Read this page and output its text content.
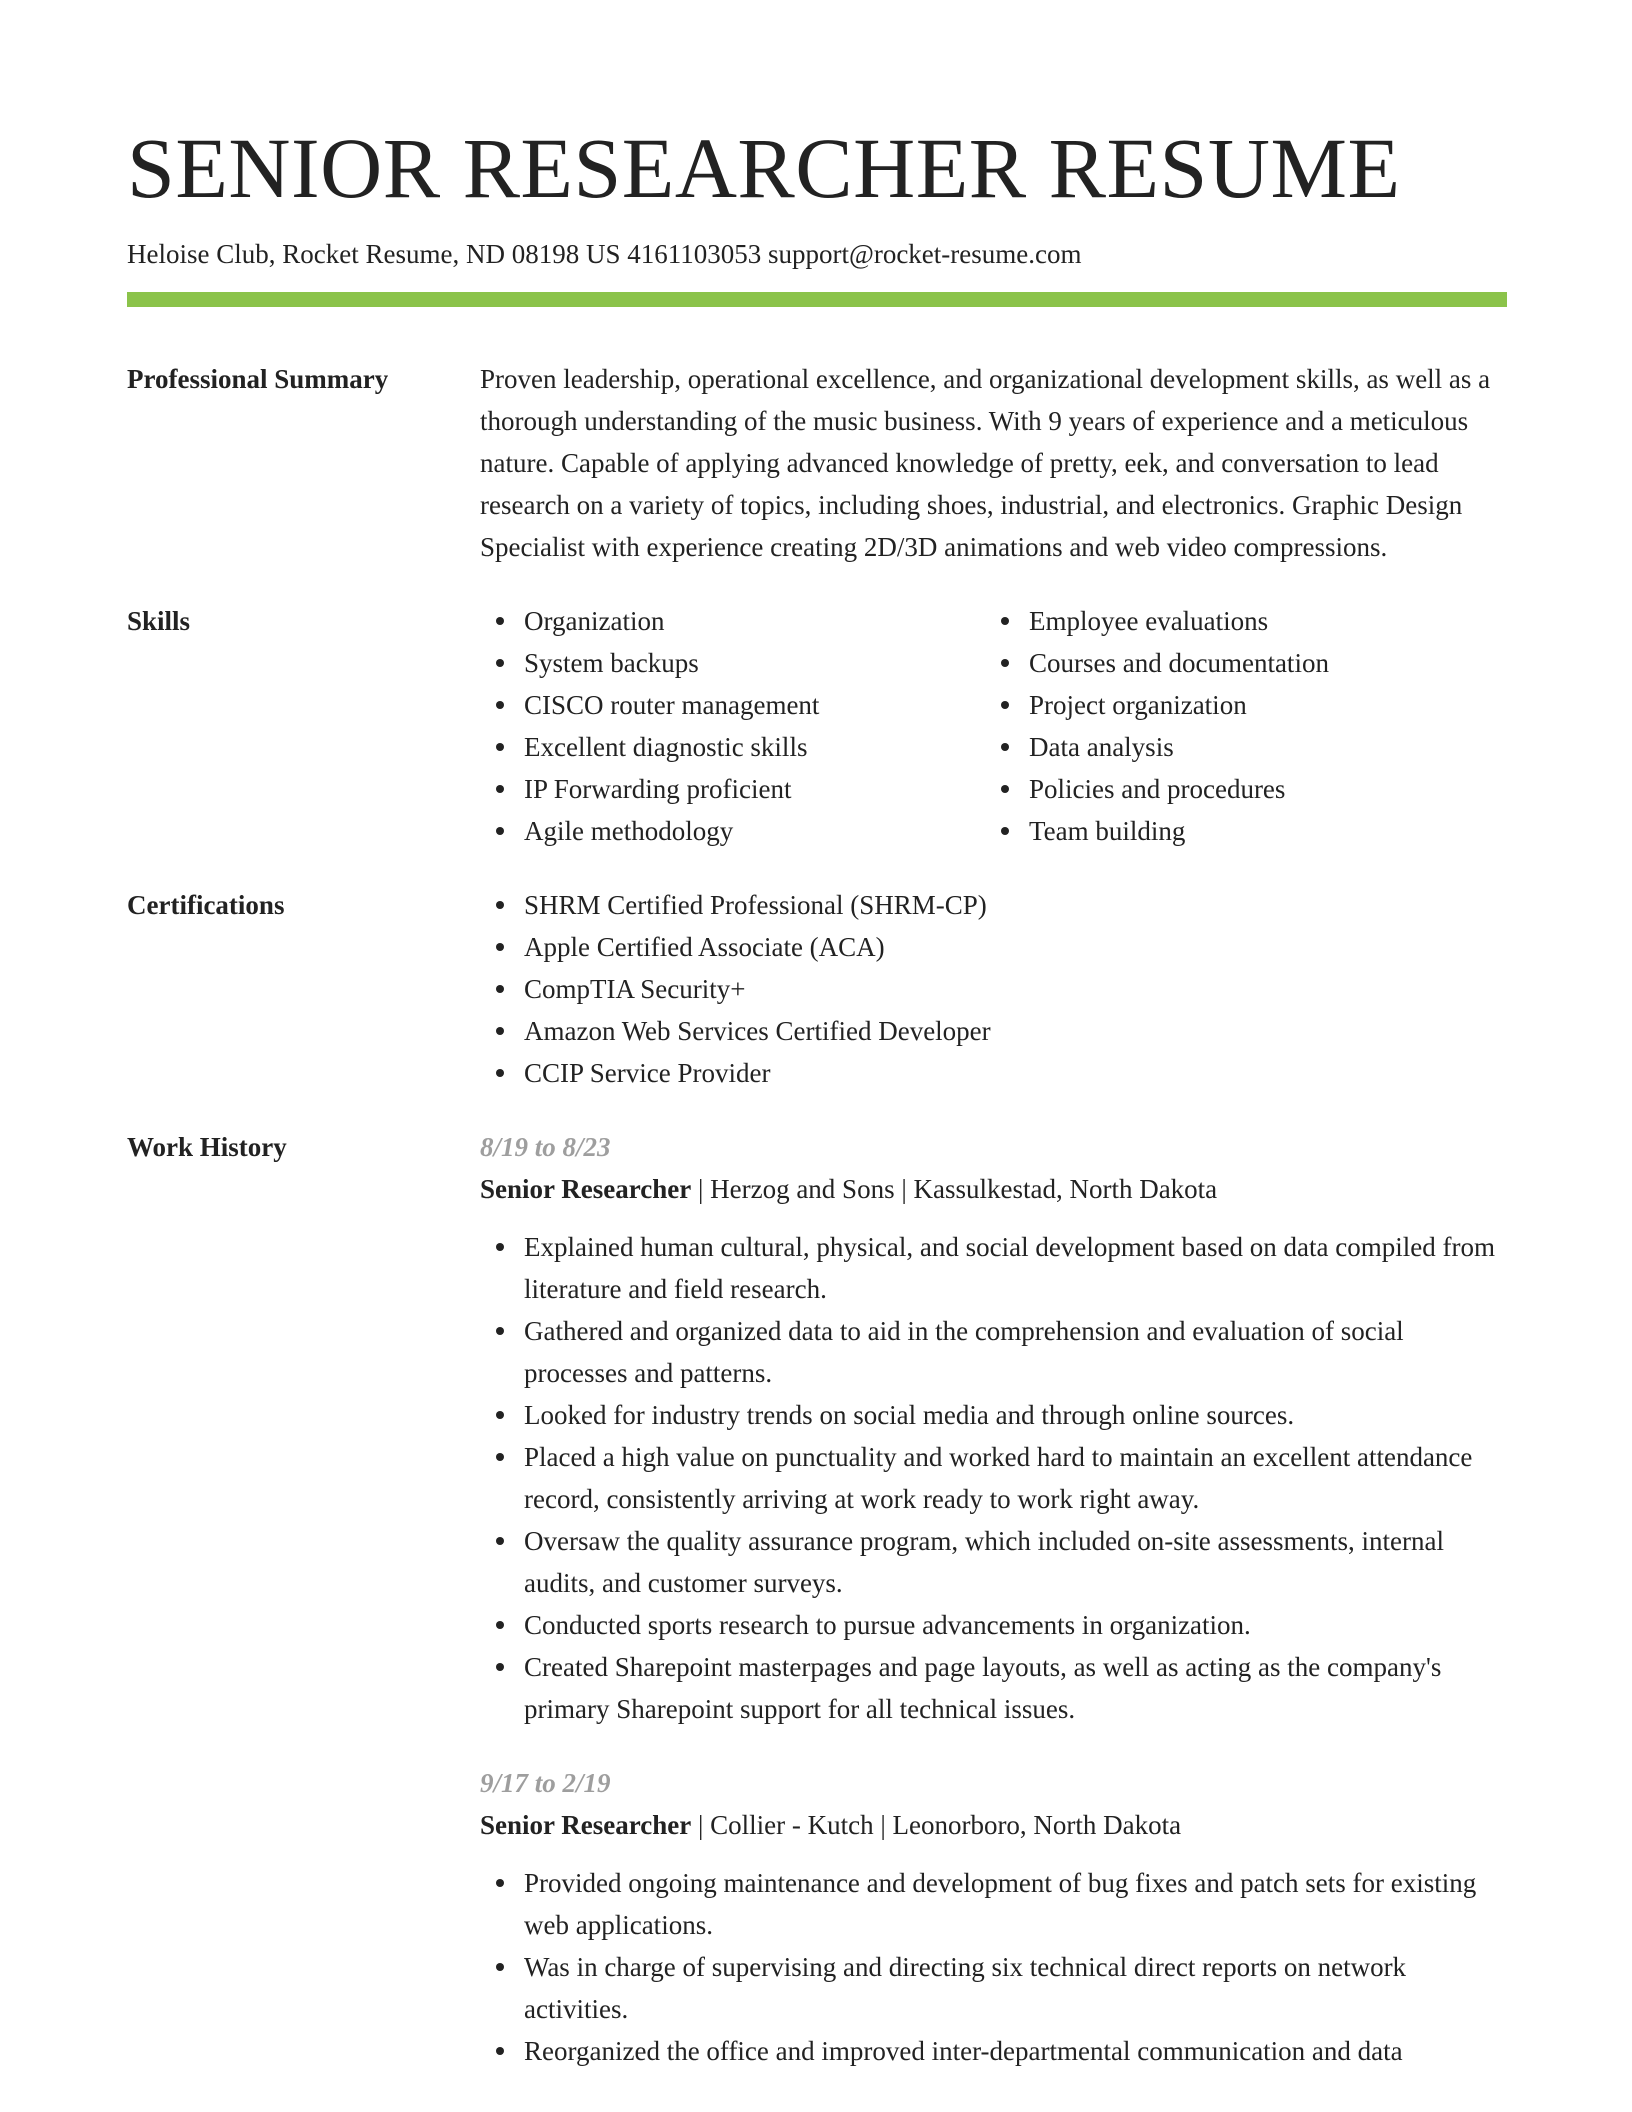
SENIOR RESEARCHER RESUME
Heloise Club, Rocket Resume, ND 08198 US 4161103053 support@rocket-resume.com
Professional Summary	Proven leadership, operational excellence, and organizational development skills, as well as a thorough understanding of the music business. With 9 years of experience and a meticulous nature. Capable of applying advanced knowledge of pretty, eek, and conversation to lead research on a variety of topics, including shoes, industrial, and electronics. Graphic Design Specialist with experience creating 2D/3D animations and web video compressions.

Skills	Organization
System backups
CISCO router management
Excellent diagnostic skills
IP Forwarding proficient
Agile methodology
Employee evaluations
Courses and documentation
Project organization
Data analysis
Policies and procedures
Team building
Certifications	SHRM Certified Professional (SHRM-CP)
Apple Certified Associate (ACA)
CompTIA Security+
Amazon Web Services Certified Developer
CCIP Service Provider
Work History	8/19 to 8/23
Senior Researcher | Herzog and Sons | Kassulkestad, North Dakota
Explained human cultural, physical, and social development based on data compiled from literature and field research.
Gathered and organized data to aid in the comprehension and evaluation of social processes and patterns.
Looked for industry trends on social media and through online sources.
Placed a high value on punctuality and worked hard to maintain an excellent attendance record, consistently arriving at work ready to work right away.
Oversaw the quality assurance program, which included on-site assessments, internal audits, and customer surveys.
Conducted sports research to pursue advancements in organization.
Created Sharepoint masterpages and page layouts, as well as acting as the company's primary Sharepoint support for all technical issues.
9/17 to 2/19
Senior Researcher | Collier - Kutch | Leonorboro, North Dakota
Provided ongoing maintenance and development of bug fixes and patch sets for existing web applications.
Was in charge of supervising and directing six technical direct reports on network activities.
Reorganized the office and improved inter-departmental communication and data
